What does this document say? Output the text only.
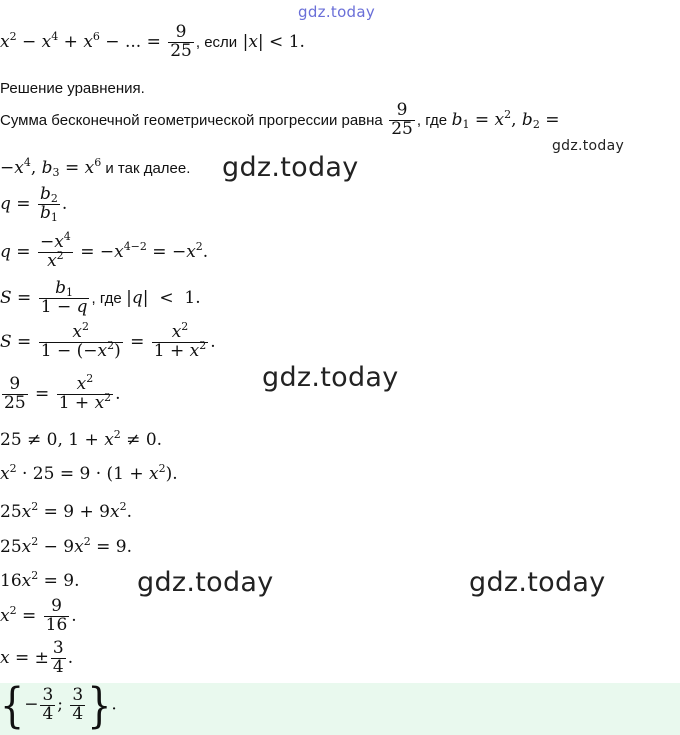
gdz.today
$x^2 - x^4 + x^6$ − ... = $\frac{9}{25}$ , если |x| < 1.
Решение уравнения.
Сумма бесконечной геометрической прогрессии равна $\frac{9}{25}$ , где $b_1 = x^2$, $b_2$ =
gdz.today
$-x^4$, $b_3 = x^6$ и так далее. gdz.today
$q = \frac{b_2}{b_1}$ .
$q = \frac{-x^4}{x^2} = -x^{4-2} = -x^2$.
$S = \frac{b_1}{1 - q}$ , где |q|  <  1.
$S = \frac{x^2}{1 - (-x^2)} = \frac{x^2}{1 + x^2}$ .
gdz.today
$\frac{9}{25} = \frac{x^2}{1 + x^2}$ .
25 ≠ 0, $1 + x^2 \ne 0$.
$x^2 \cdot 25 = 9 \cdot (1 + x^2)$.
$25x^2 = 9 + 9x^2$.
$25x^2 - 9x^2 = 9$.
$16x^2 = 9$. gdz.today	gdz.today
$x^2 = \frac{9}{16}$ .
x = ± $\frac{3}{4}$ .
{− $\frac{3}{4}$ ; $\frac{3}{4}$ }.
